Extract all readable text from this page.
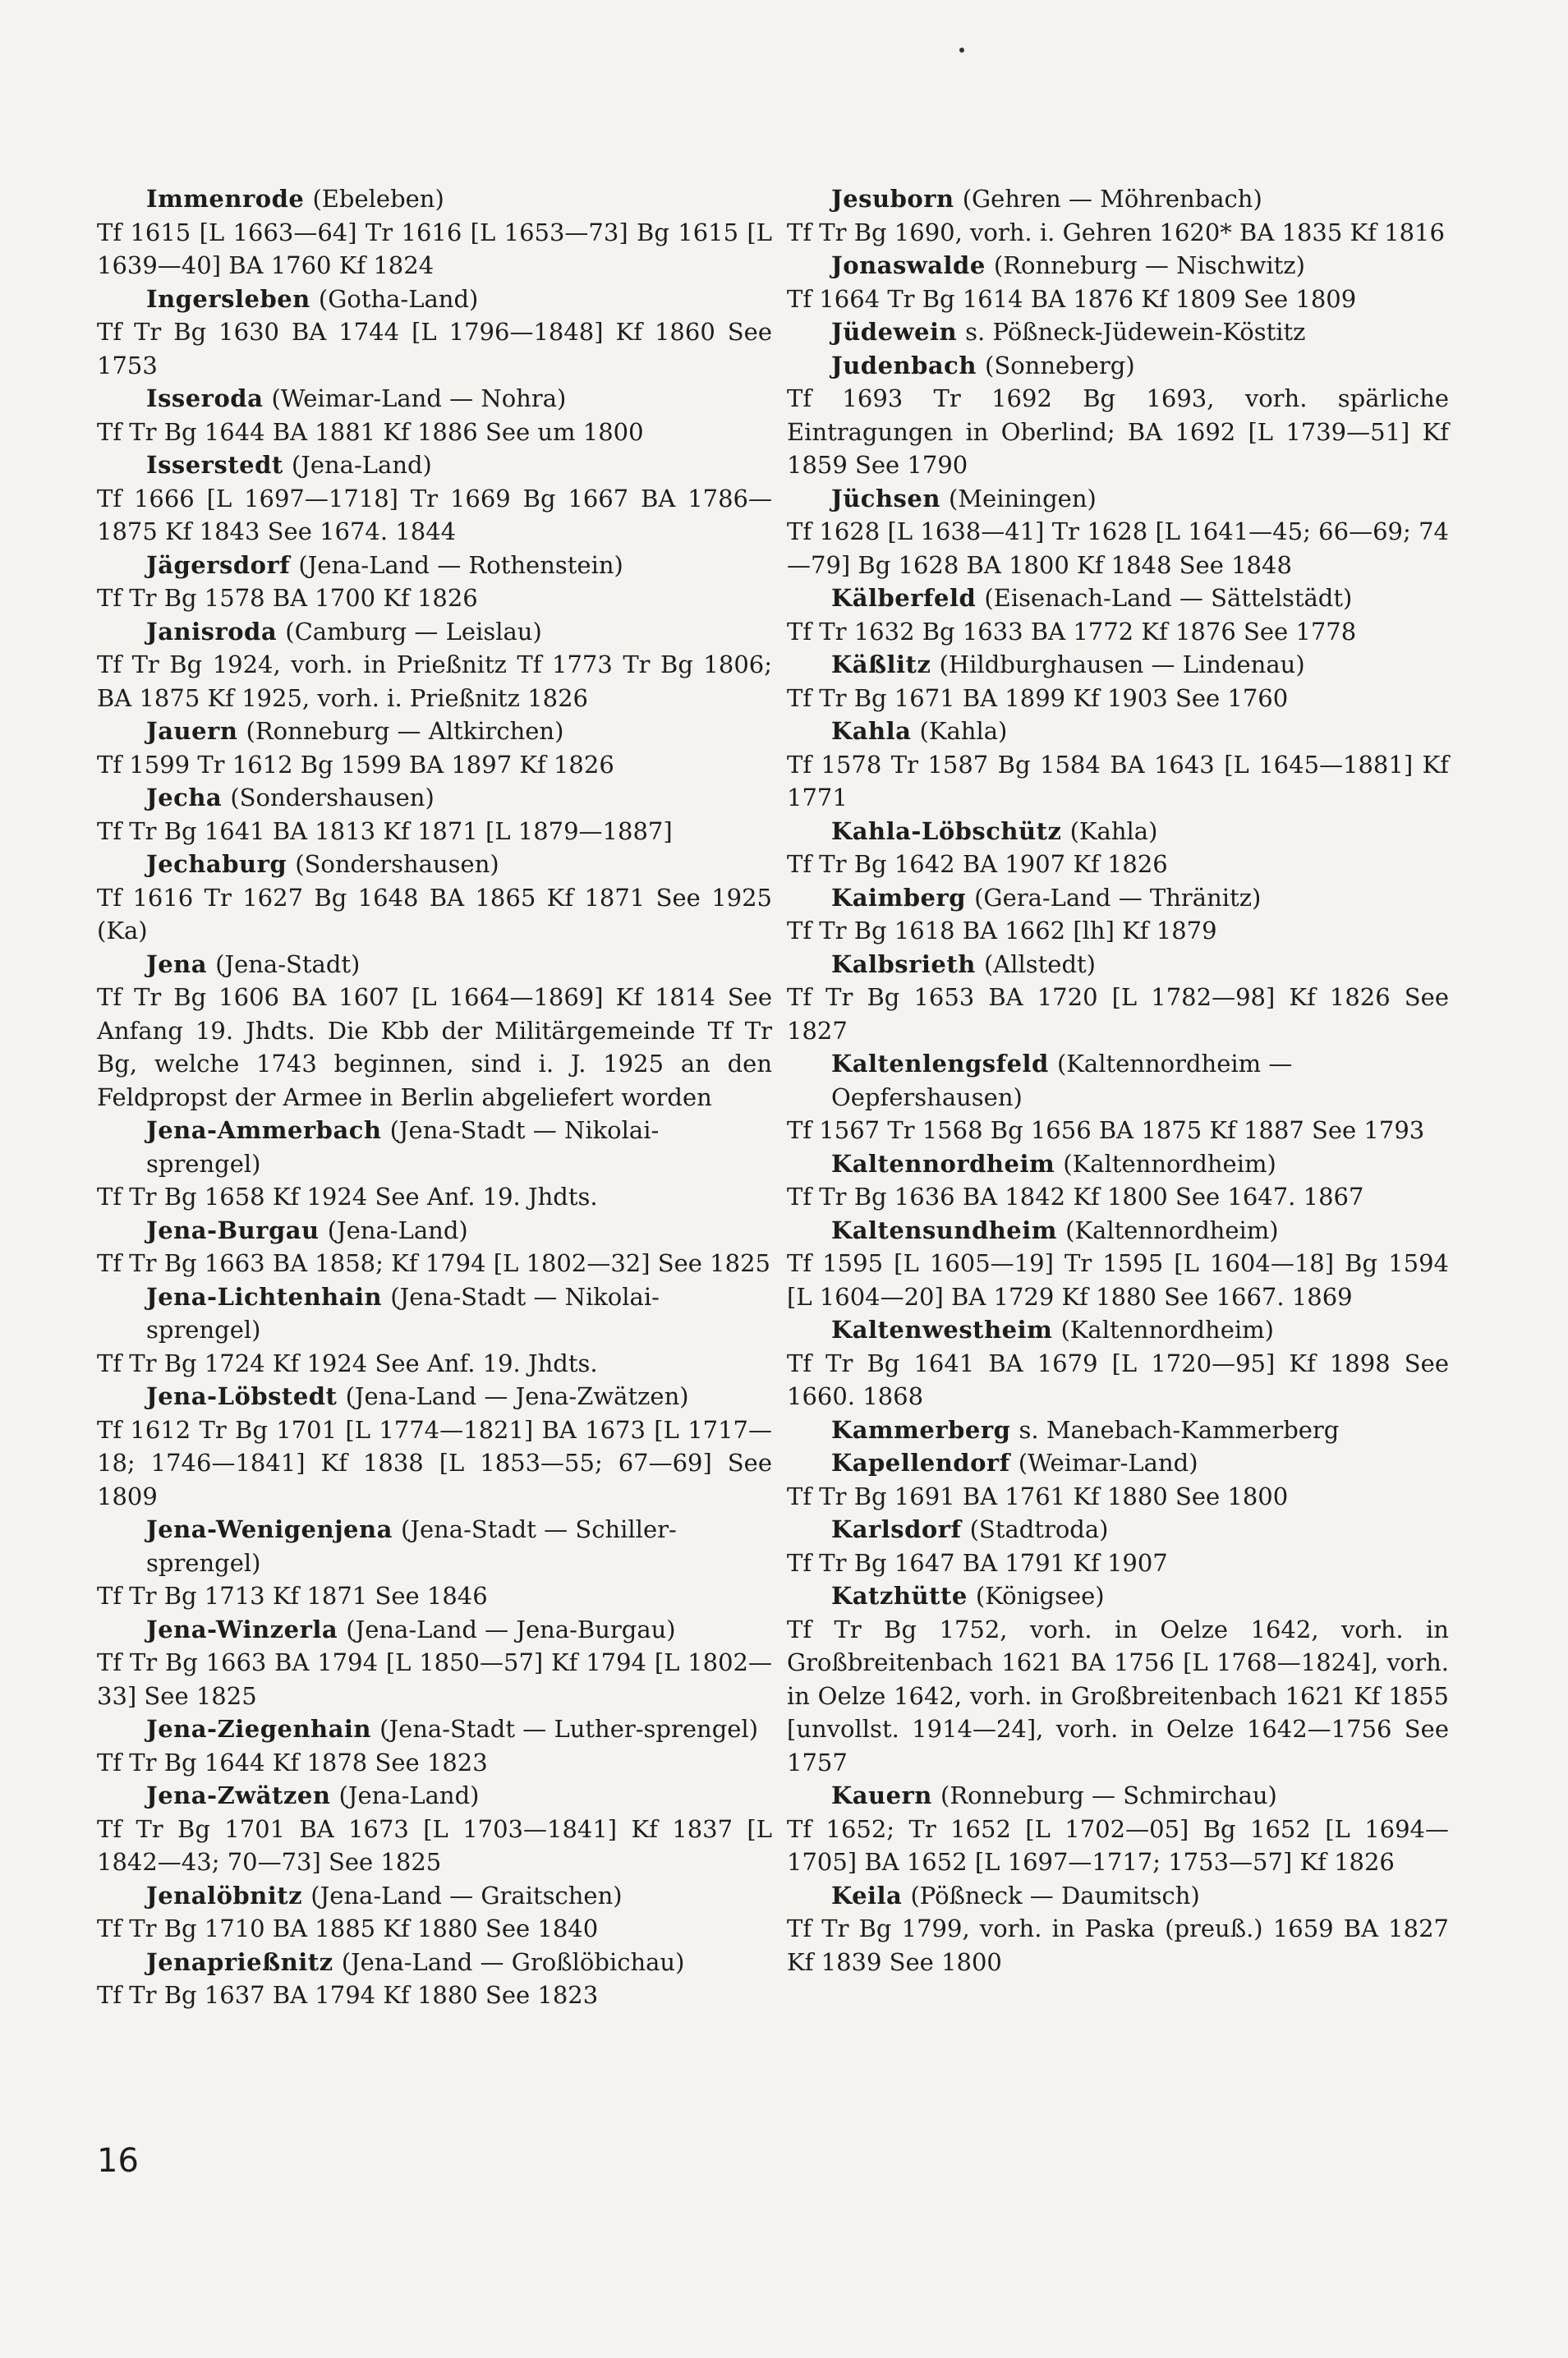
Immenrode (Ebeleben)
Tf 1615 [L 1663—64] Tr 1616 [L 1653—73] Bg 1615 [L 1639—40] BA 1760 Kf 1824
Ingersleben (Gotha-Land)
Tf Tr Bg 1630 BA 1744 [L 1796—1848] Kf 1860 See 1753
Isseroda (Weimar-Land — Nohra)
Tf Tr Bg 1644 BA 1881 Kf 1886 See um 1800
Isserstedt (Jena-Land)
Tf 1666 [L 1697—1718] Tr 1669 Bg 1667 BA 1786—1875 Kf 1843 See 1674. 1844
Jägersdorf (Jena-Land — Rothenstein)
Tf Tr Bg 1578 BA 1700 Kf 1826
Janisroda (Camburg — Leislau)
Tf Tr Bg 1924, vorh. in Prießnitz Tf 1773 Tr Bg 1806; BA 1875 Kf 1925, vorh. i. Prießnitz 1826
Jauern (Ronneburg — Altkirchen)
Tf 1599 Tr 1612 Bg 1599 BA 1897 Kf 1826
Jecha (Sondershausen)
Tf Tr Bg 1641 BA 1813 Kf 1871 [L 1879—1887]
Jechaburg (Sondershausen)
Tf 1616 Tr 1627 Bg 1648 BA 1865 Kf 1871 See 1925 (Ka)
Jena (Jena-Stadt)
Tf Tr Bg 1606 BA 1607 [L 1664—1869] Kf 1814 See Anfang 19. Jhdts. Die Kbb der Militärgemeinde Tf Tr Bg, welche 1743 beginnen, sind i. J. 1925 an den Feldpropst der Armee in Berlin abgeliefert worden
Jena-Ammerbach (Jena-Stadt — Nikolai-sprengel)
Tf Tr Bg 1658 Kf 1924 See Anf. 19. Jhdts.
Jena-Burgau (Jena-Land)
Tf Tr Bg 1663 BA 1858; Kf 1794 [L 1802—32] See 1825
Jena-Lichtenhain (Jena-Stadt — Nikolai-sprengel)
Tf Tr Bg 1724 Kf 1924 See Anf. 19. Jhdts.
Jena-Löbstedt (Jena-Land — Jena-Zwätzen)
Tf 1612 Tr Bg 1701 [L 1774—1821] BA 1673 [L 1717—18; 1746—1841] Kf 1838 [L 1853—55; 67—69] See 1809
Jena-Wenigenjena (Jena-Stadt — Schiller-sprengel)
Tf Tr Bg 1713 Kf 1871 See 1846
Jena-Winzerla (Jena-Land — Jena-Burgau)
Tf Tr Bg 1663 BA 1794 [L 1850—57] Kf 1794 [L 1802—33] See 1825
Jena-Ziegenhain (Jena-Stadt — Luther-sprengel)
Tf Tr Bg 1644 Kf 1878 See 1823
Jena-Zwätzen (Jena-Land)
Tf Tr Bg 1701 BA 1673 [L 1703—1841] Kf 1837 [L 1842—43; 70—73] See 1825
Jenalöbnitz (Jena-Land — Graitschen)
Tf Tr Bg 1710 BA 1885 Kf 1880 See 1840
Jenaprießnitz (Jena-Land — Großlöbichau)
Tf Tr Bg 1637 BA 1794 Kf 1880 See 1823
Jesuborn (Gehren — Möhrenbach)
Tf Tr Bg 1690, vorh. i. Gehren 1620* BA 1835 Kf 1816
Jonaswalde (Ronneburg — Nischwitz)
Tf 1664 Tr Bg 1614 BA 1876 Kf 1809 See 1809
Jüdewein s. Pößneck-Jüdewein-Köstitz
Judenbach (Sonneberg)
Tf 1693 Tr 1692 Bg 1693, vorh. spärliche Eintragungen in Oberlind; BA 1692 [L 1739—51] Kf 1859 See 1790
Jüchsen (Meiningen)
Tf 1628 [L 1638—41] Tr 1628 [L 1641—45; 66—69; 74—79] Bg 1628 BA 1800 Kf 1848 See 1848
Kälberfeld (Eisenach-Land — Sättelstädt)
Tf Tr 1632 Bg 1633 BA 1772 Kf 1876 See 1778
Käßlitz (Hildburghausen — Lindenau)
Tf Tr Bg 1671 BA 1899 Kf 1903 See 1760
Kahla (Kahla)
Tf 1578 Tr 1587 Bg 1584 BA 1643 [L 1645—1881] Kf 1771
Kahla-Löbschütz (Kahla)
Tf Tr Bg 1642 BA 1907 Kf 1826
Kaimberg (Gera-Land — Thränitz)
Tf Tr Bg 1618 BA 1662 [lh] Kf 1879
Kalbsrieth (Allstedt)
Tf Tr Bg 1653 BA 1720 [L 1782—98] Kf 1826 See 1827
Kaltenlengsfeld (Kaltennordheim — Oepfershausen)
Tf 1567 Tr 1568 Bg 1656 BA 1875 Kf 1887 See 1793
Kaltennordheim (Kaltennordheim)
Tf Tr Bg 1636 BA 1842 Kf 1800 See 1647. 1867
Kaltensundheim (Kaltennordheim)
Tf 1595 [L 1605—19] Tr 1595 [L 1604—18] Bg 1594 [L 1604—20] BA 1729 Kf 1880 See 1667. 1869
Kaltenwestheim (Kaltennordheim)
Tf Tr Bg 1641 BA 1679 [L 1720—95] Kf 1898 See 1660. 1868
Kammerberg s. Manebach-Kammerberg
Kapellendorf (Weimar-Land)
Tf Tr Bg 1691 BA 1761 Kf 1880 See 1800
Karlsdorf (Stadtroda)
Tf Tr Bg 1647 BA 1791 Kf 1907
Katzhütte (Königsee)
Tf Tr Bg 1752, vorh. in Oelze 1642, vorh. in Großbreitenbach 1621 BA 1756 [L 1768—1824], vorh. in Oelze 1642, vorh. in Großbreitenbach 1621 Kf 1855 [unvollst. 1914—24], vorh. in Oelze 1642—1756 See 1757
Kauern (Ronneburg — Schmirchau)
Tf 1652; Tr 1652 [L 1702—05] Bg 1652 [L 1694—1705] BA 1652 [L 1697—1717; 1753—57] Kf 1826
Keila (Pößneck — Daumitsch)
Tf Tr Bg 1799, vorh. in Paska (preuß.) 1659 BA 1827 Kf 1839 See 1800
16
